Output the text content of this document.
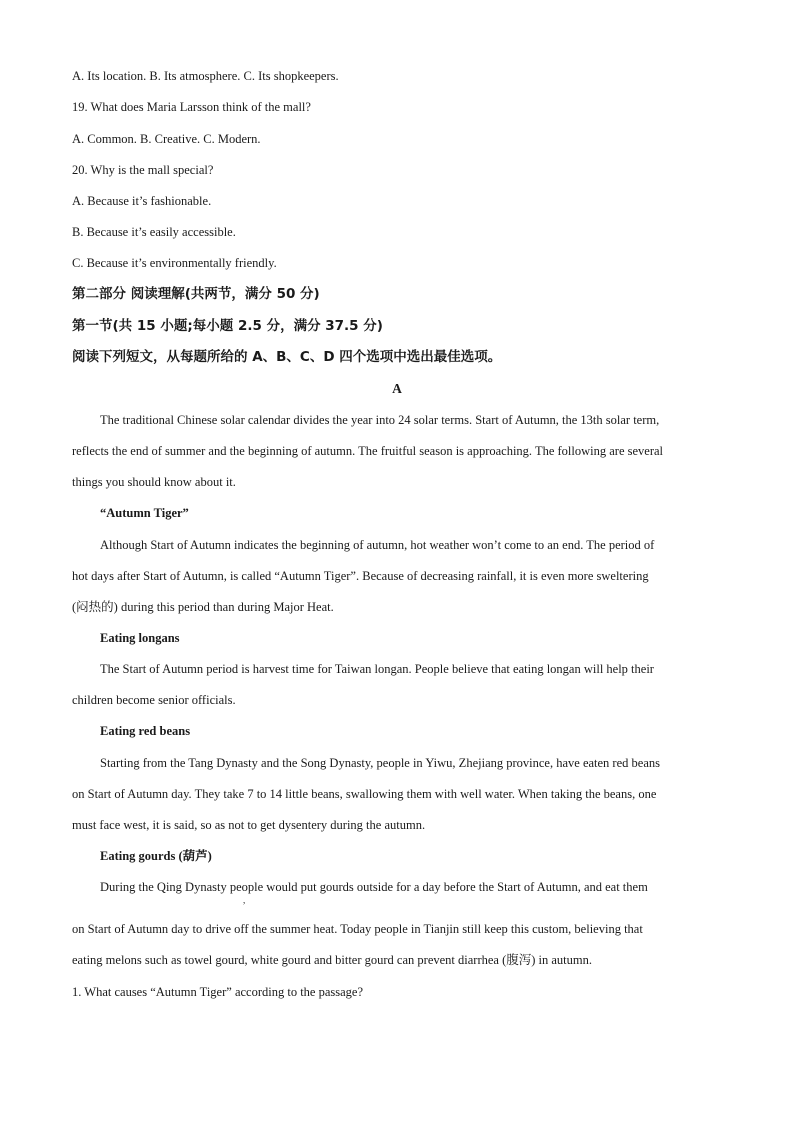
A. Its location. B. Its atmosphere. C. Its shopkeepers.
19. What does Maria Larsson think of the mall?
A. Common. B. Creative. C. Modern.
20. Why is the mall special?
A. Because it’s fashionable.
B. Because it’s easily accessible.
C. Because it’s environmentally friendly.
第二部分 阅读理解(共两节，满分 50 分)
第一节(共 15 小题;每小题 2.5 分，满分 37.5 分)
阅读下列短文，从每题所给的 A、B、C、D 四个选项中选出最佳选项。
A
The traditional Chinese solar calendar divides the year into 24 solar terms. Start of Autumn, the 13th solar term,
reflects the end of summer and the beginning of autumn. The fruitful season is approaching. The following are several
things you should know about it.
“Autumn Tiger”
Although Start of Autumn indicates the beginning of autumn, hot weather won’t come to an end. The period of
hot days after Start of Autumn, is called “Autumn Tiger”. Because of decreasing rainfall, it is even more sweltering
(闷热的) during this period than during Major Heat.
Eating longans
The Start of Autumn period is harvest time for Taiwan longan. People believe that eating longan will help their
children become senior officials.
Eating red beans
Starting from the Tang Dynasty and the Song Dynasty, people in Yiwu, Zhejiang province, have eaten red beans
on Start of Autumn day. They take 7 to 14 little beans, swallowing them with well water. When taking the beans, one
must face west, it is said, so as not to get dysentery during the autumn.
Eating gourds (葫芦)
During the Qing Dynasty people would put gourds outside for a day before the Start of Autumn, and eat them
,
on Start of Autumn day to drive off the summer heat. Today people in Tianjin still keep this custom, believing that
eating melons such as towel gourd, white gourd and bitter gourd can prevent diarrhea (腹泻) in autumn.
1. What causes “Autumn Tiger” according to the passage?
